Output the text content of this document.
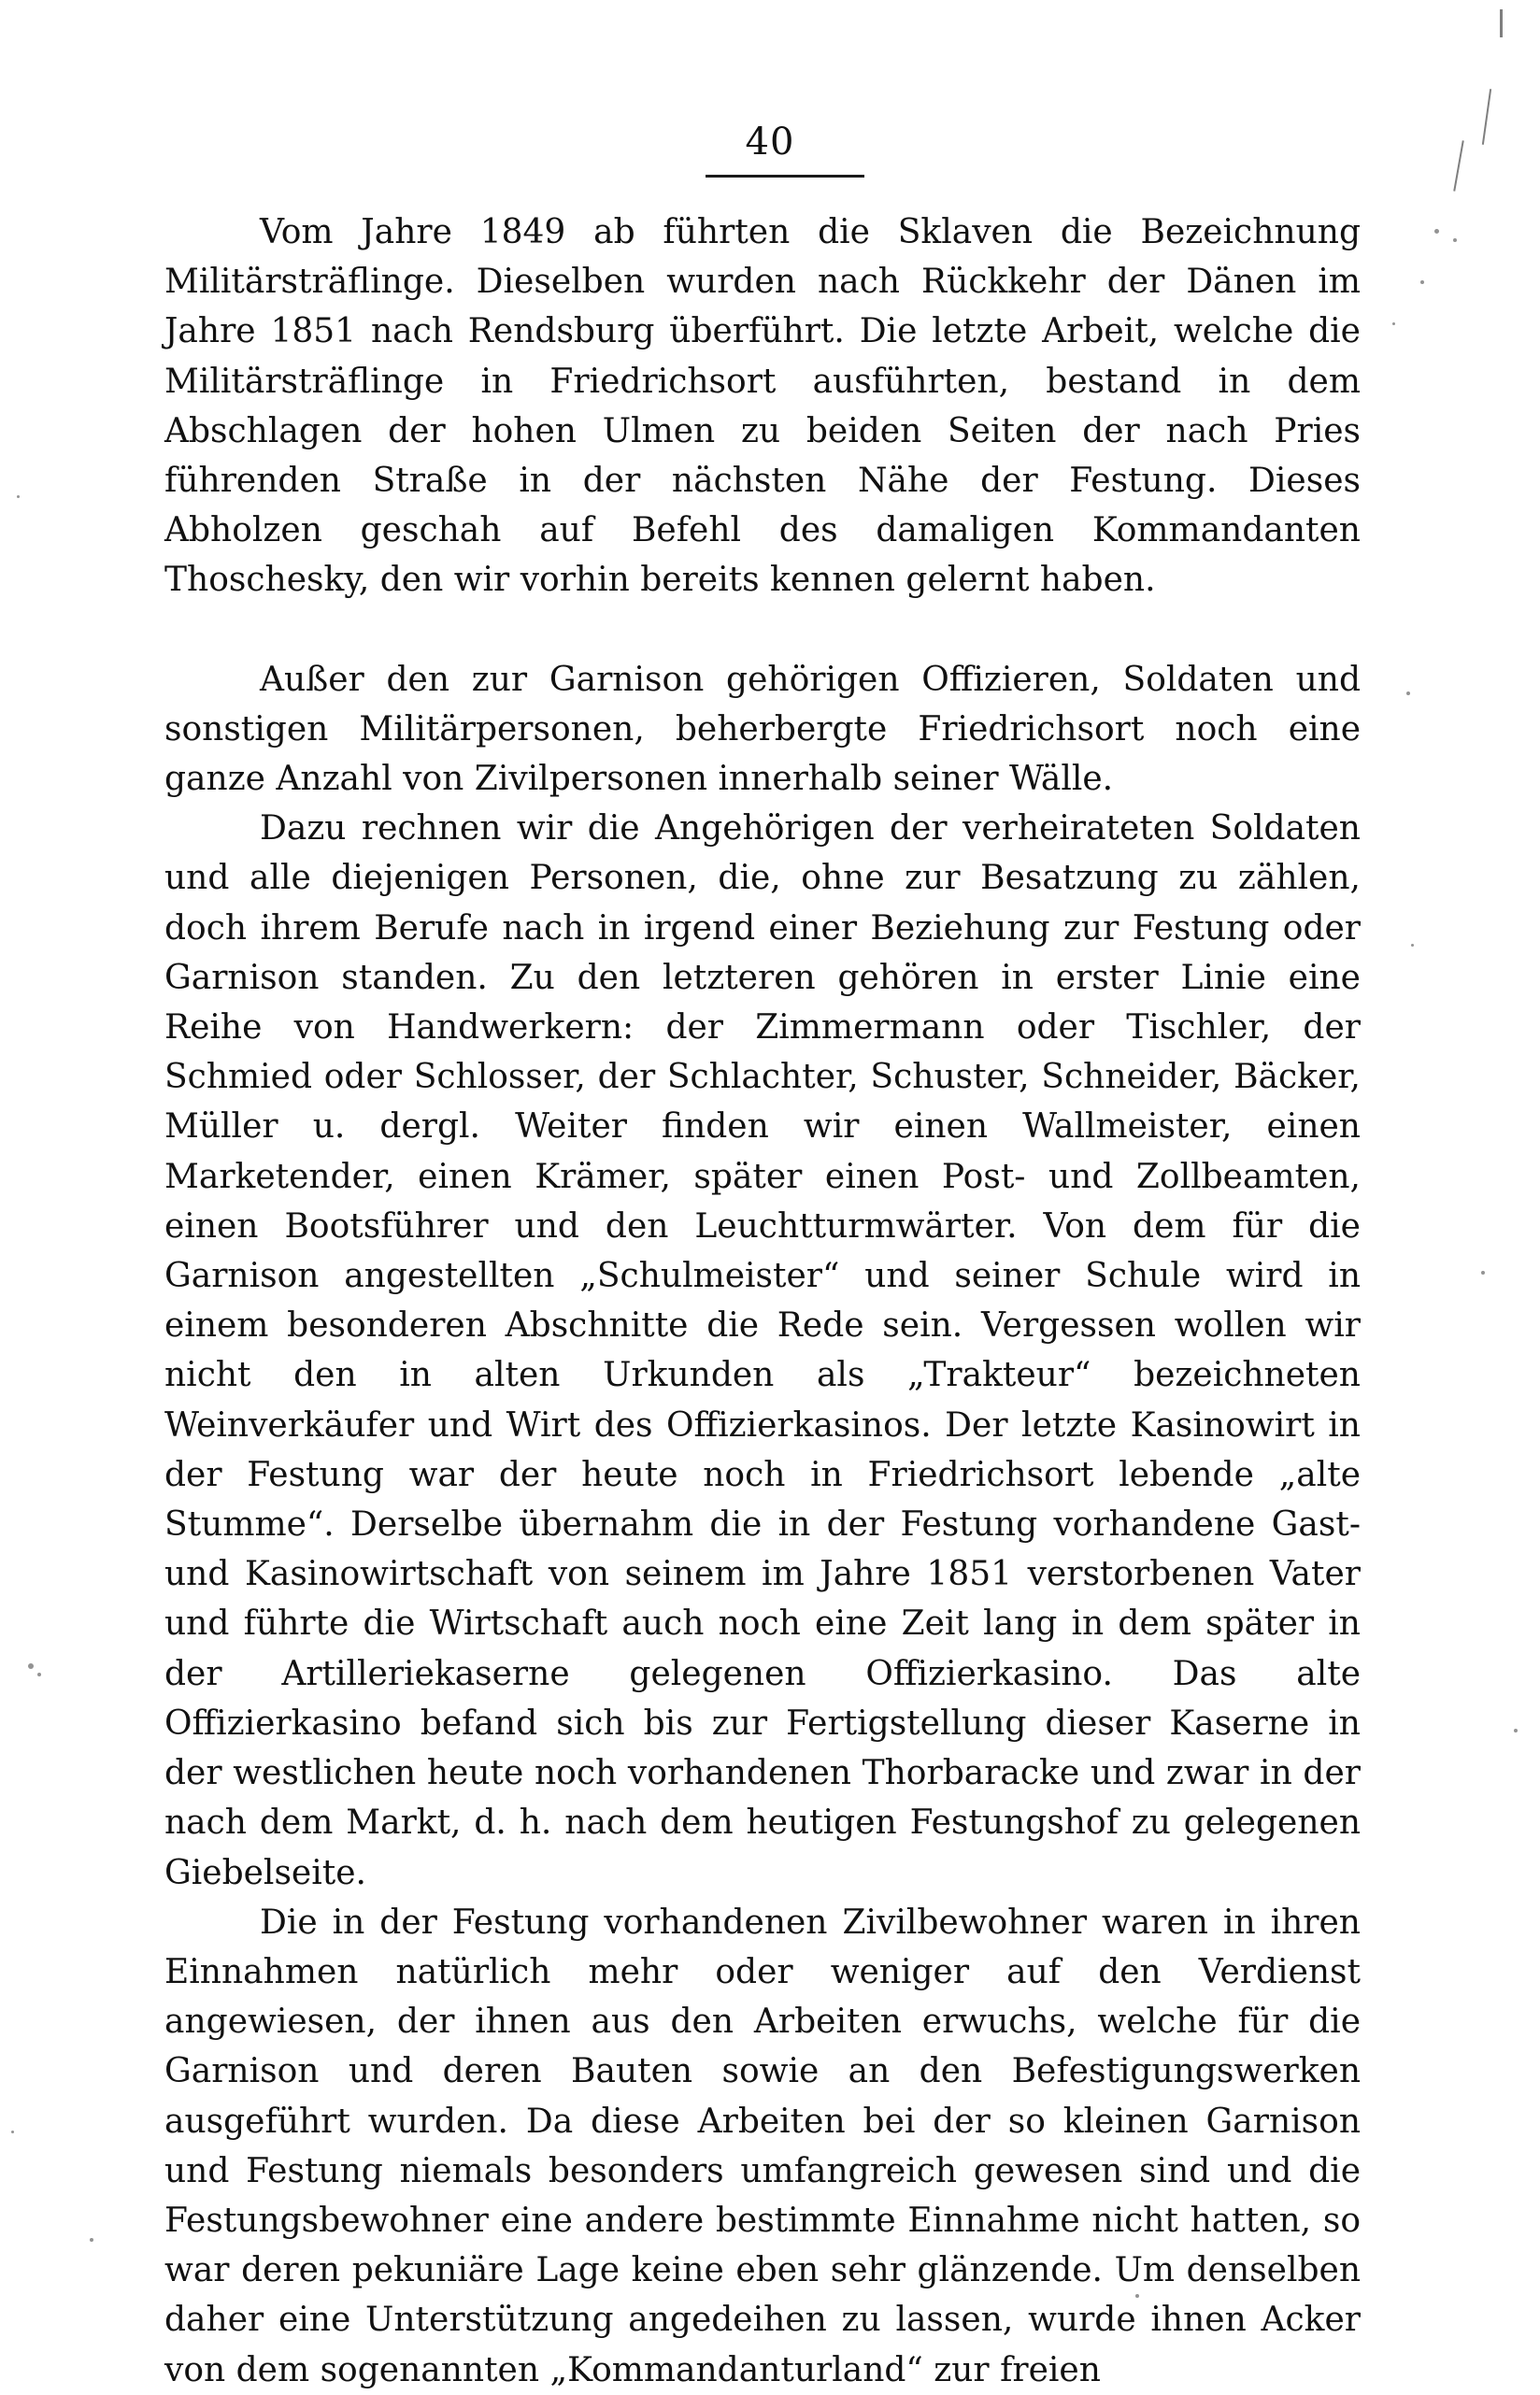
40

Vom Jahre 1849 ab führten die Sklaven die Bezeichnung Militärsträflinge. Dieselben wurden nach Rückkehr der Dänen im Jahre 1851 nach Rendsburg überführt. Die letzte Arbeit, welche die Militärsträflinge in Friedrichsort ausführten, bestand in dem Abschlagen der hohen Ulmen zu beiden Seiten der nach Pries führenden Straße in der nächsten Nähe der Festung. Dieses Abholzen geschah auf Befehl des damaligen Kommandanten Thoschesky, den wir vorhin bereits kennen gelernt haben.

Außer den zur Garnison gehörigen Offizieren, Soldaten und sonstigen Militärpersonen, beherbergte Friedrichsort noch eine ganze Anzahl von Zivilpersonen innerhalb seiner Wälle.

Dazu rechnen wir die Angehörigen der verheirateten Soldaten und alle diejenigen Personen, die, ohne zur Besatzung zu zählen, doch ihrem Berufe nach in irgend einer Beziehung zur Festung oder Garnison standen. Zu den letzteren gehören in erster Linie eine Reihe von Handwerkern: der Zimmermann oder Tischler, der Schmied oder Schlosser, der Schlachter, Schuster, Schneider, Bäcker, Müller u. dergl. Weiter finden wir einen Wallmeister, einen Marketender, einen Krämer, später einen Post- und Zollbeamten, einen Bootsführer und den Leuchtturmwärter. Von dem für die Garnison angestellten „Schulmeister“ und seiner Schule wird in einem besonderen Abschnitte die Rede sein. Vergessen wollen wir nicht den in alten Urkunden als „Trakteur“ bezeichneten Weinverkäufer und Wirt des Offizierkasinos. Der letzte Kasinowirt in der Festung war der heute noch in Friedrichsort lebende „alte Stumme“. Derselbe übernahm die in der Festung vorhandene Gast- und Kasinowirtschaft von seinem im Jahre 1851 verstorbenen Vater und führte die Wirtschaft auch noch eine Zeit lang in dem später in der Artilleriekaserne gelegenen Offizierkasino. Das alte Offizierkasino befand sich bis zur Fertigstellung dieser Kaserne in der westlichen heute noch vorhandenen Thorbaracke und zwar in der nach dem Markt, d. h. nach dem heutigen Festungshof zu gelegenen Giebelseite.

Die in der Festung vorhandenen Zivilbewohner waren in ihren Einnahmen natürlich mehr oder weniger auf den Verdienst angewiesen, der ihnen aus den Arbeiten erwuchs, welche für die Garnison und deren Bauten sowie an den Befestigungswerken ausgeführt wurden. Da diese Arbeiten bei der so kleinen Garnison und Festung niemals besonders umfangreich gewesen sind und die Festungsbewohner eine andere bestimmte Einnahme nicht hatten, so war deren pekuniäre Lage keine eben sehr glänzende. Um denselben daher eine Unterstützung angedeihen zu lassen, wurde ihnen Acker von dem sogenannten „Kommandanturland“ zur freien
